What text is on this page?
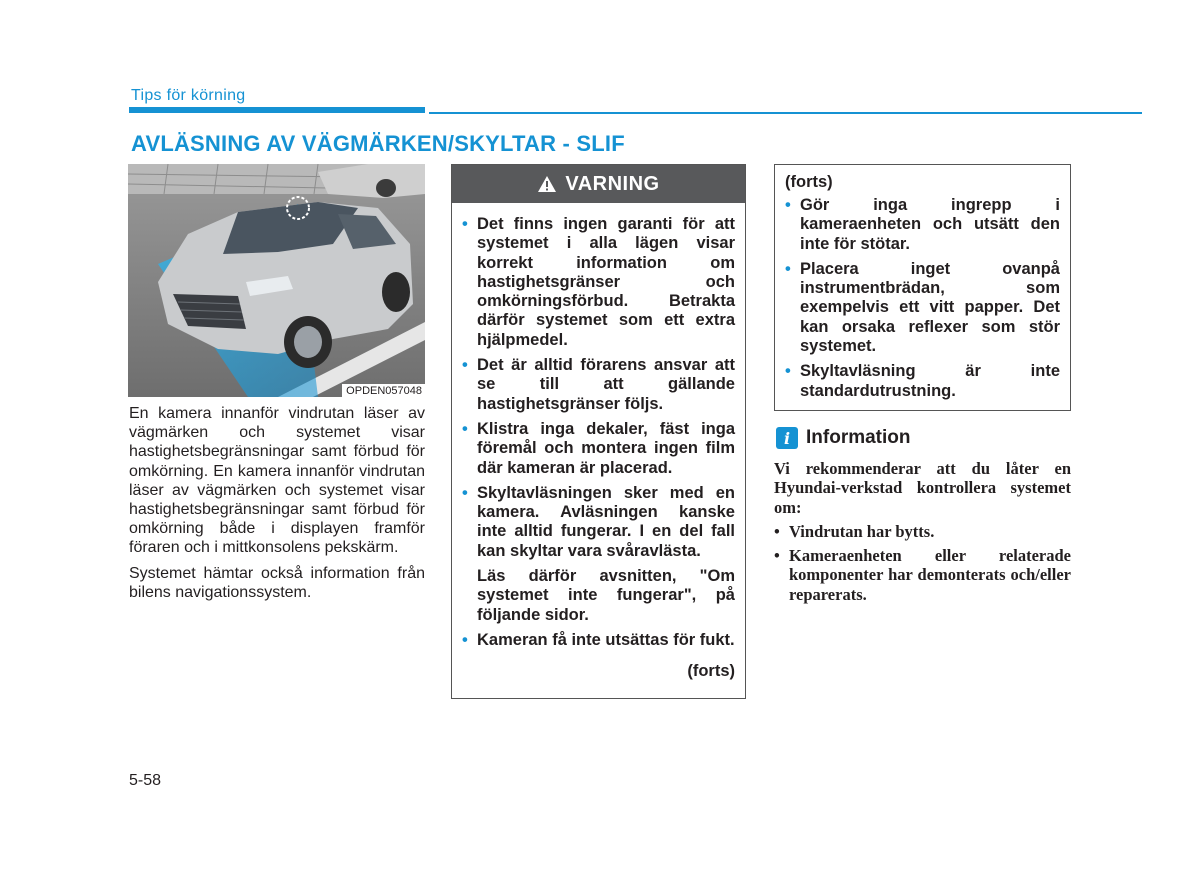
Tips för körning
AVLÄSNING AV VÄGMÄRKEN/SKYLTAR - SLIF
OPDEN057048

En kamera innanför vindrutan läser av vägmärken och systemet visar hastighetsbegränsningar samt förbud för omkörning. En kamera innanför vindrutan läser av vägmärken och systemet visar hastighetsbegränsningar samt förbud för omkörning både i displayen framför föraren och i mittkonsolens pekskärm.

Systemet hämtar också information från bilens navigationssystem.

VARNING
• Det finns ingen garanti för att systemet i alla lägen visar korrekt information om hastighetsgränser och omkörningsförbud. Betrakta därför systemet som ett extra hjälpmedel.
• Det är alltid förarens ansvar att se till att gällande hastighetsgränser följs.
• Klistra inga dekaler, fäst inga föremål och montera ingen film där kameran är placerad.
• Skyltavläsningen sker med en kamera. Avläsningen kanske inte alltid fungerar. I en del fall kan skyltar vara svåravlästa.
Läs därför avsnitten, "Om systemet inte fungerar", på följande sidor.
• Kameran få inte utsättas för fukt.
(forts)
(forts)
• Gör inga ingrepp i kameraenheten och utsätt den inte för stötar.
• Placera inget ovanpå instrumentbrädan, som exempelvis ett vitt papper. Det kan orsaka reflexer som stör systemet.
• Skyltavläsning är inte standardutrustning.
i Information

Vi rekommenderar att du låter en Hyundai-verkstad kontrollera systemet om:

• Vindrutan har bytts.
• Kameraenheten eller relaterade komponenter har demonterats och/eller reparerats.
5-58
